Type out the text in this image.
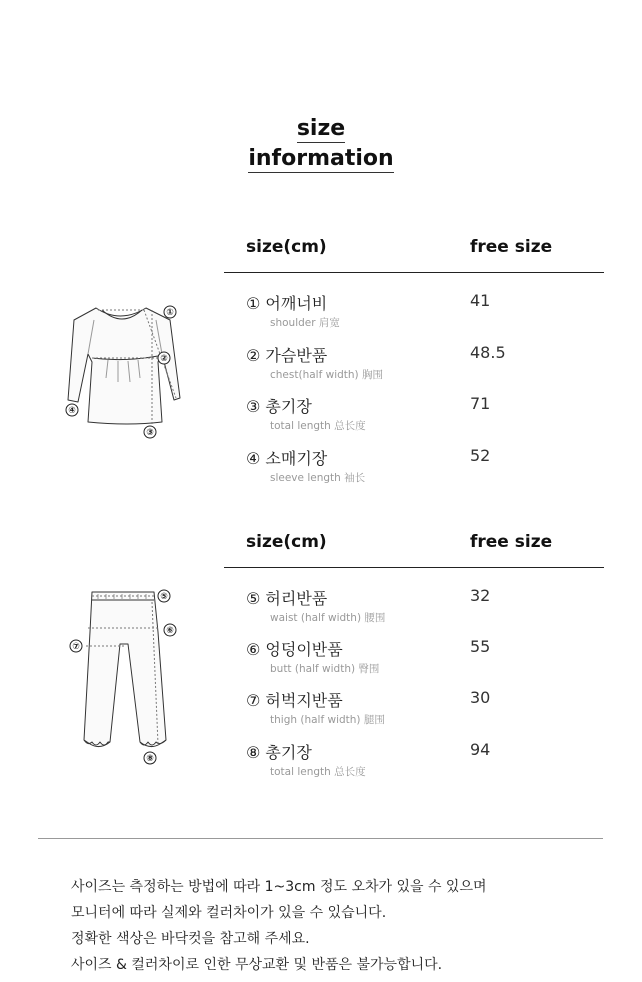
size
information
size(cm)	free size
① 어깨너비
shoulder 肩宽
41
② 가슴반품
chest(half width) 胸围
48.5
③ 총기장
total length 总长度
71
④ 소매기장
sleeve length 袖长
52
①
②
③
④
size(cm)	free size
⑤ 허리반품
waist (half width) 腰围
32
⑥ 엉덩이반품
butt (half width) 臀围
55
⑦ 허벅지반품
thigh (half width) 腿围
30
⑧ 총기장
total length 总长度
94
⑤
⑥
⑦
⑧
사이즈는 측정하는 방법에 따라 1~3cm 정도 오차가 있을 수 있으며
모니터에 따라 실제와 컬러차이가 있을 수 있습니다.
정확한 색상은 바닥컷을 참고해 주세요.
사이즈 & 컬러차이로 인한 무상교환 및 반품은 불가능합니다.
